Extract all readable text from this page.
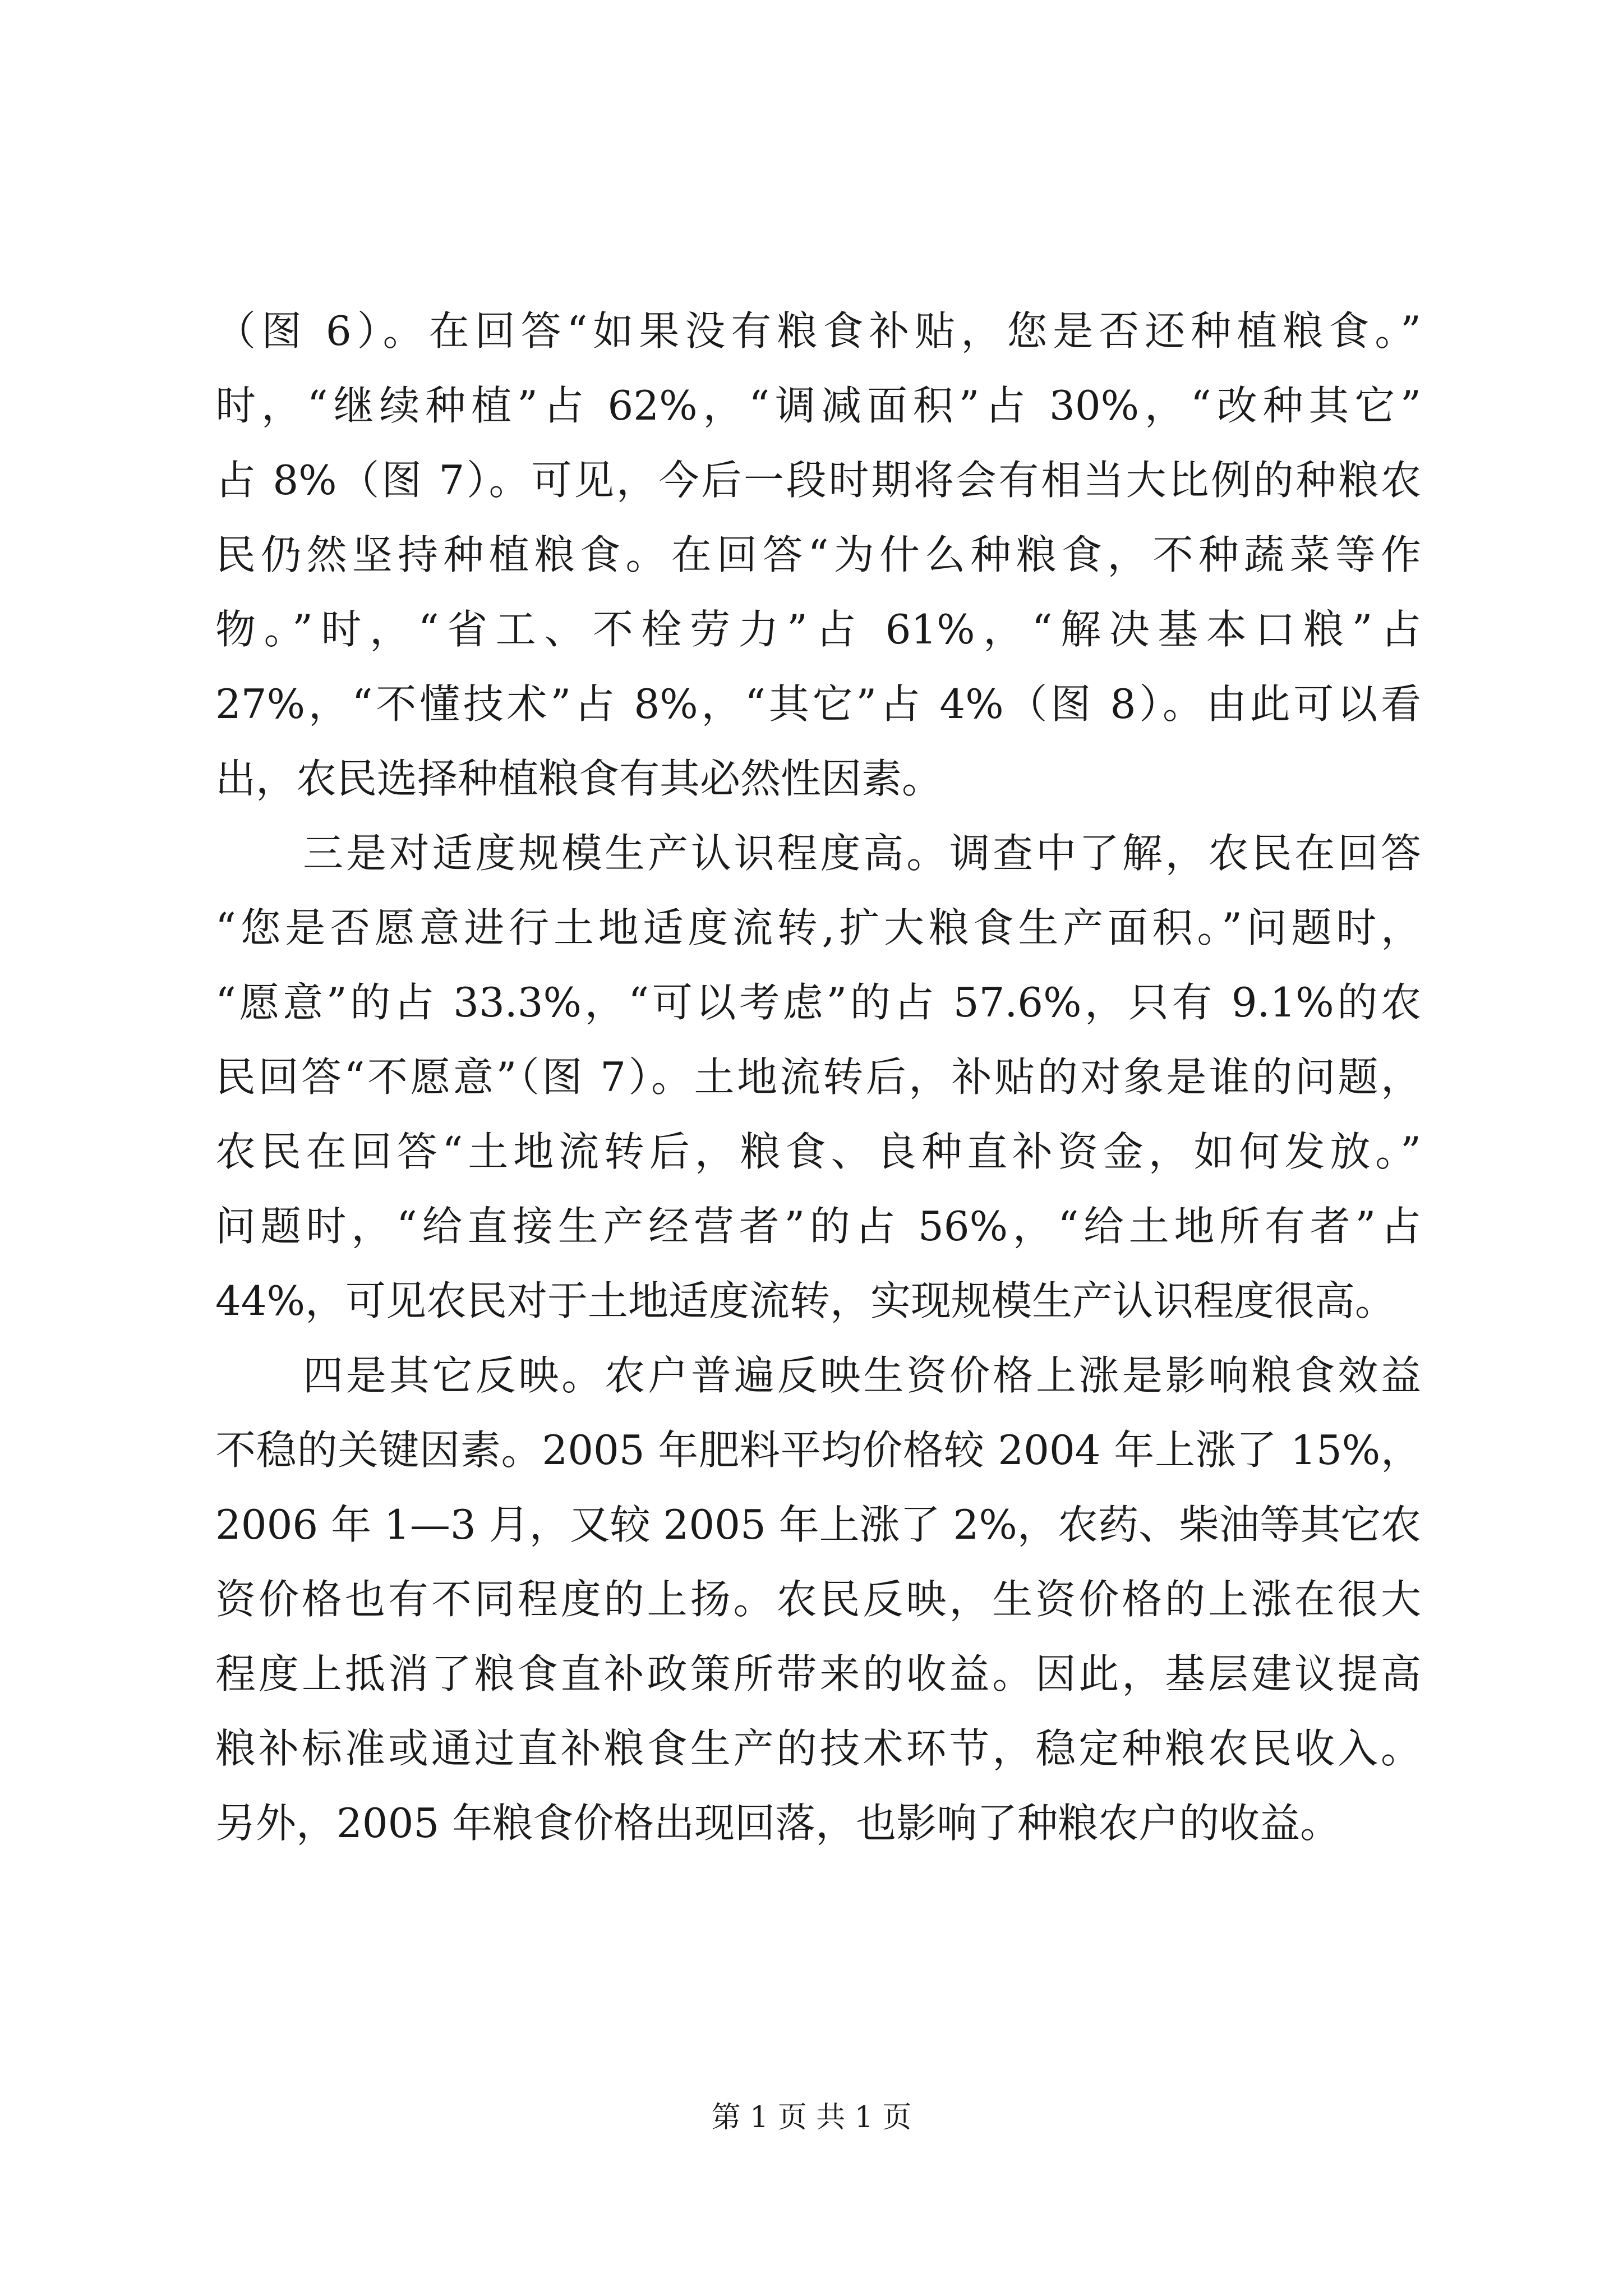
（图 6）。在回答“如果没有粮食补贴，您是否还种植粮食。”
时，“继续种植”占 62%，“调减面积”占 30%，“改种其它”
占 8%（图 7）。可见，今后一段时期将会有相当大比例的种粮农
民仍然坚持种植粮食。在回答“为什么种粮食，不种蔬菜等作
物。”时，“省工、不栓劳力”占 61%，“解决基本口粮”占
27%，“不懂技术”占 8%，“其它”占 4%（图 8）。由此可以看
出，农民选择种植粮食有其必然性因素。
三是对适度规模生产认识程度高。调查中了解，农民在回答
“您是否愿意进行土地适度流转,扩大粮食生产面积。”问题时，
“愿意”的占 33.3%，“可以考虑”的占 57.6%，只有 9.1%的农
民回答“不愿意”（图 7）。土地流转后，补贴的对象是谁的问题，
农民在回答“土地流转后，粮食、良种直补资金，如何发放。”
问题时，“给直接生产经营者”的占 56%，“给土地所有者”占
44%，可见农民对于土地适度流转，实现规模生产认识程度很高。
四是其它反映。农户普遍反映生资价格上涨是影响粮食效益
不稳的关键因素。2005 年肥料平均价格较 2004 年上涨了 15%，
2006 年 1—3 月，又较 2005 年上涨了 2%，农药、柴油等其它农
资价格也有不同程度的上扬。农民反映，生资价格的上涨在很大
程度上抵消了粮食直补政策所带来的收益。因此，基层建议提高
粮补标准或通过直补粮食生产的技术环节，稳定种粮农民收入。
另外，2005 年粮食价格出现回落，也影响了种粮农户的收益。
第 1 页 共 1 页
